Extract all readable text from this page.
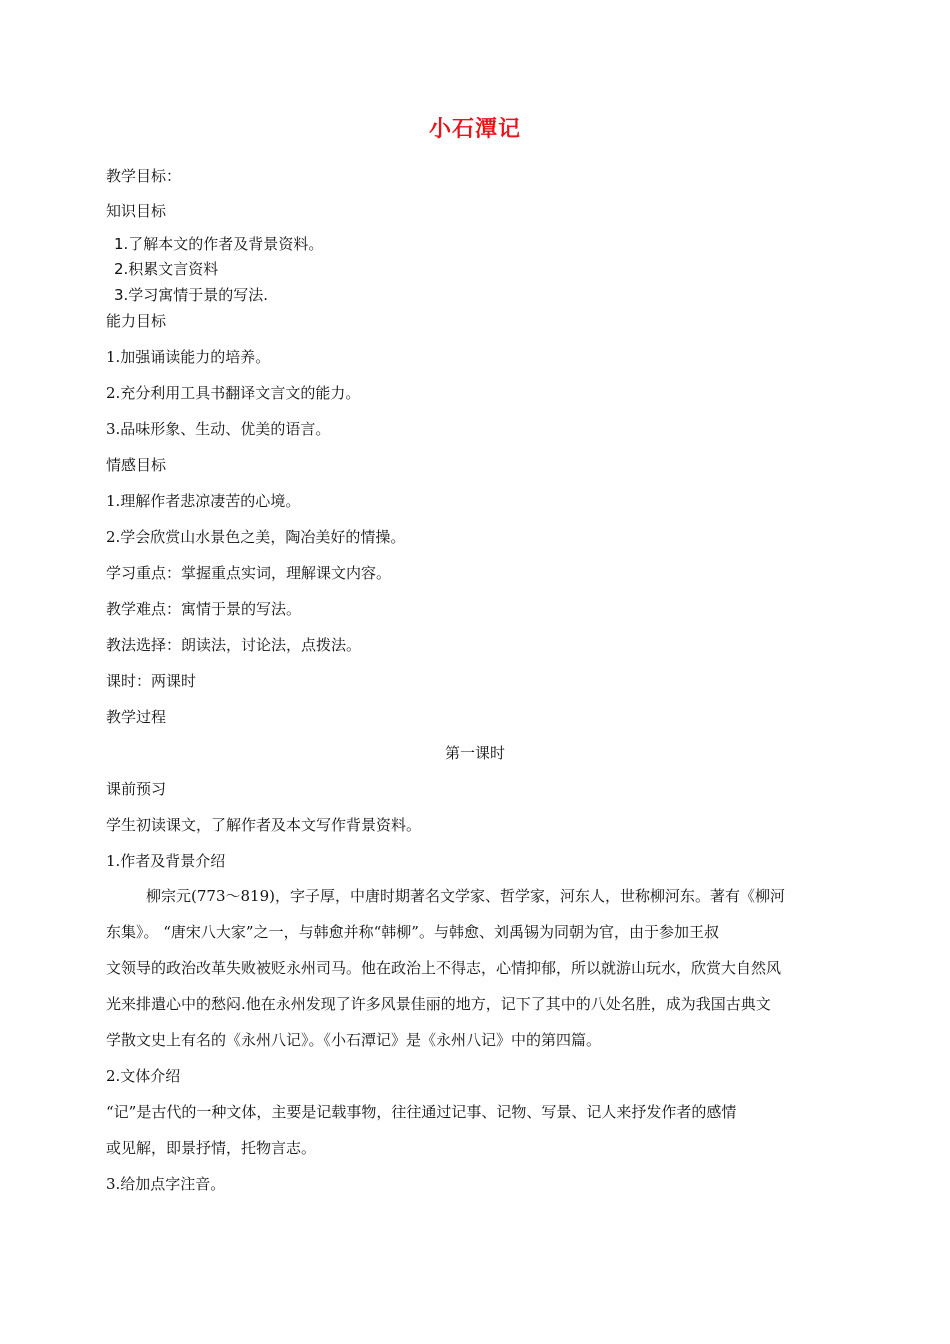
小石潭记
教学目标：
知识目标
1.了解本文的作者及背景资料。
2.积累文言资料
3.学习寓情于景的写法.
能力目标
1.加强诵读能力的培养。
2.充分利用工具书翻译文言文的能力。
3.品味形象、生动、优美的语言。
情感目标
1.理解作者悲凉凄苦的心境。
2.学会欣赏山水景色之美，陶冶美好的情操。
学习重点：掌握重点实词，理解课文内容。
教学难点：寓情于景的写法。
教法选择：朗读法，讨论法，点拨法。
课时：两课时
教学过程
第一课时
课前预习
学生初读课文，了解作者及本文写作背景资料。
1.作者及背景介绍
柳宗元(773～819)，字子厚，中唐时期著名文学家、哲学家，河东人，世称柳河东。著有《柳河
东集》。 “唐宋八大家”之一，与韩愈并称“韩柳”。与韩愈、刘禹锡为同朝为官，由于参加王叔
文领导的政治改革失败被贬永州司马。他在政治上不得志，心情抑郁，所以就游山玩水，欣赏大自然风
光来排遣心中的愁闷.他在永州发现了许多风景佳丽的地方，记下了其中的八处名胜，成为我国古典文
学散文史上有名的《永州八记》。《小石潭记》是《永州八记》中的第四篇。
2.文体介绍
“记”是古代的一种文体，主要是记载事物，往往通过记事、记物、写景、记人来抒发作者的感情
或见解，即景抒情，托物言志。
3.给加点字注音。
